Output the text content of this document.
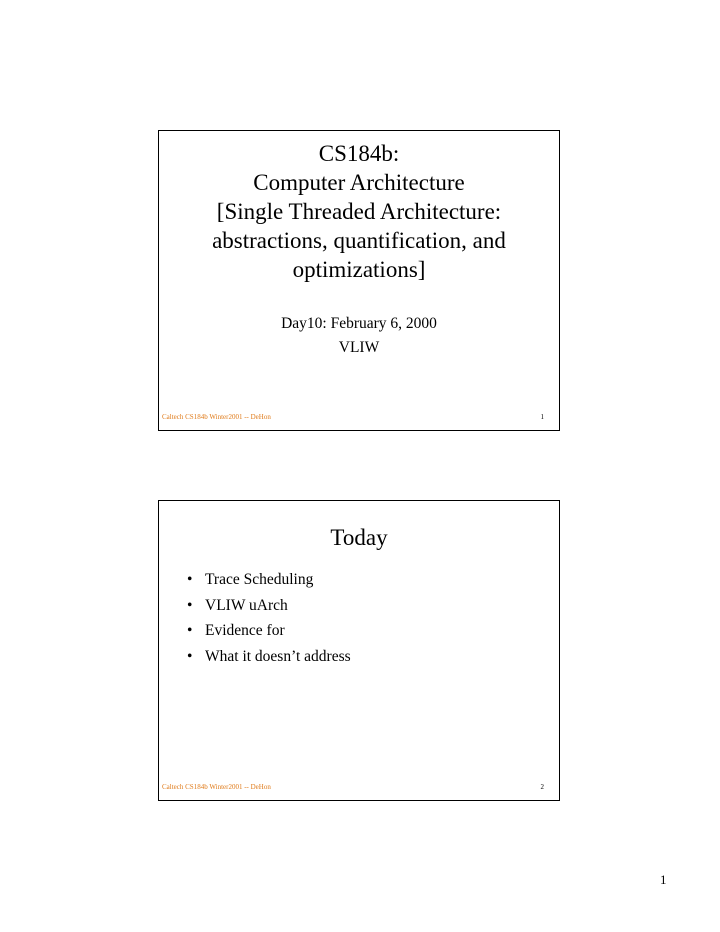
CS184b:
Computer Architecture
[Single Threaded Architecture:
abstractions, quantification, and
optimizations]
Day10: February 6, 2000
VLIW
Caltech CS184b Winter2001 -- DeHon	1
Today
• Trace Scheduling
• VLIW uArch
• Evidence for
• What it doesn’t address
Caltech CS184b Winter2001 -- DeHon	2
1
